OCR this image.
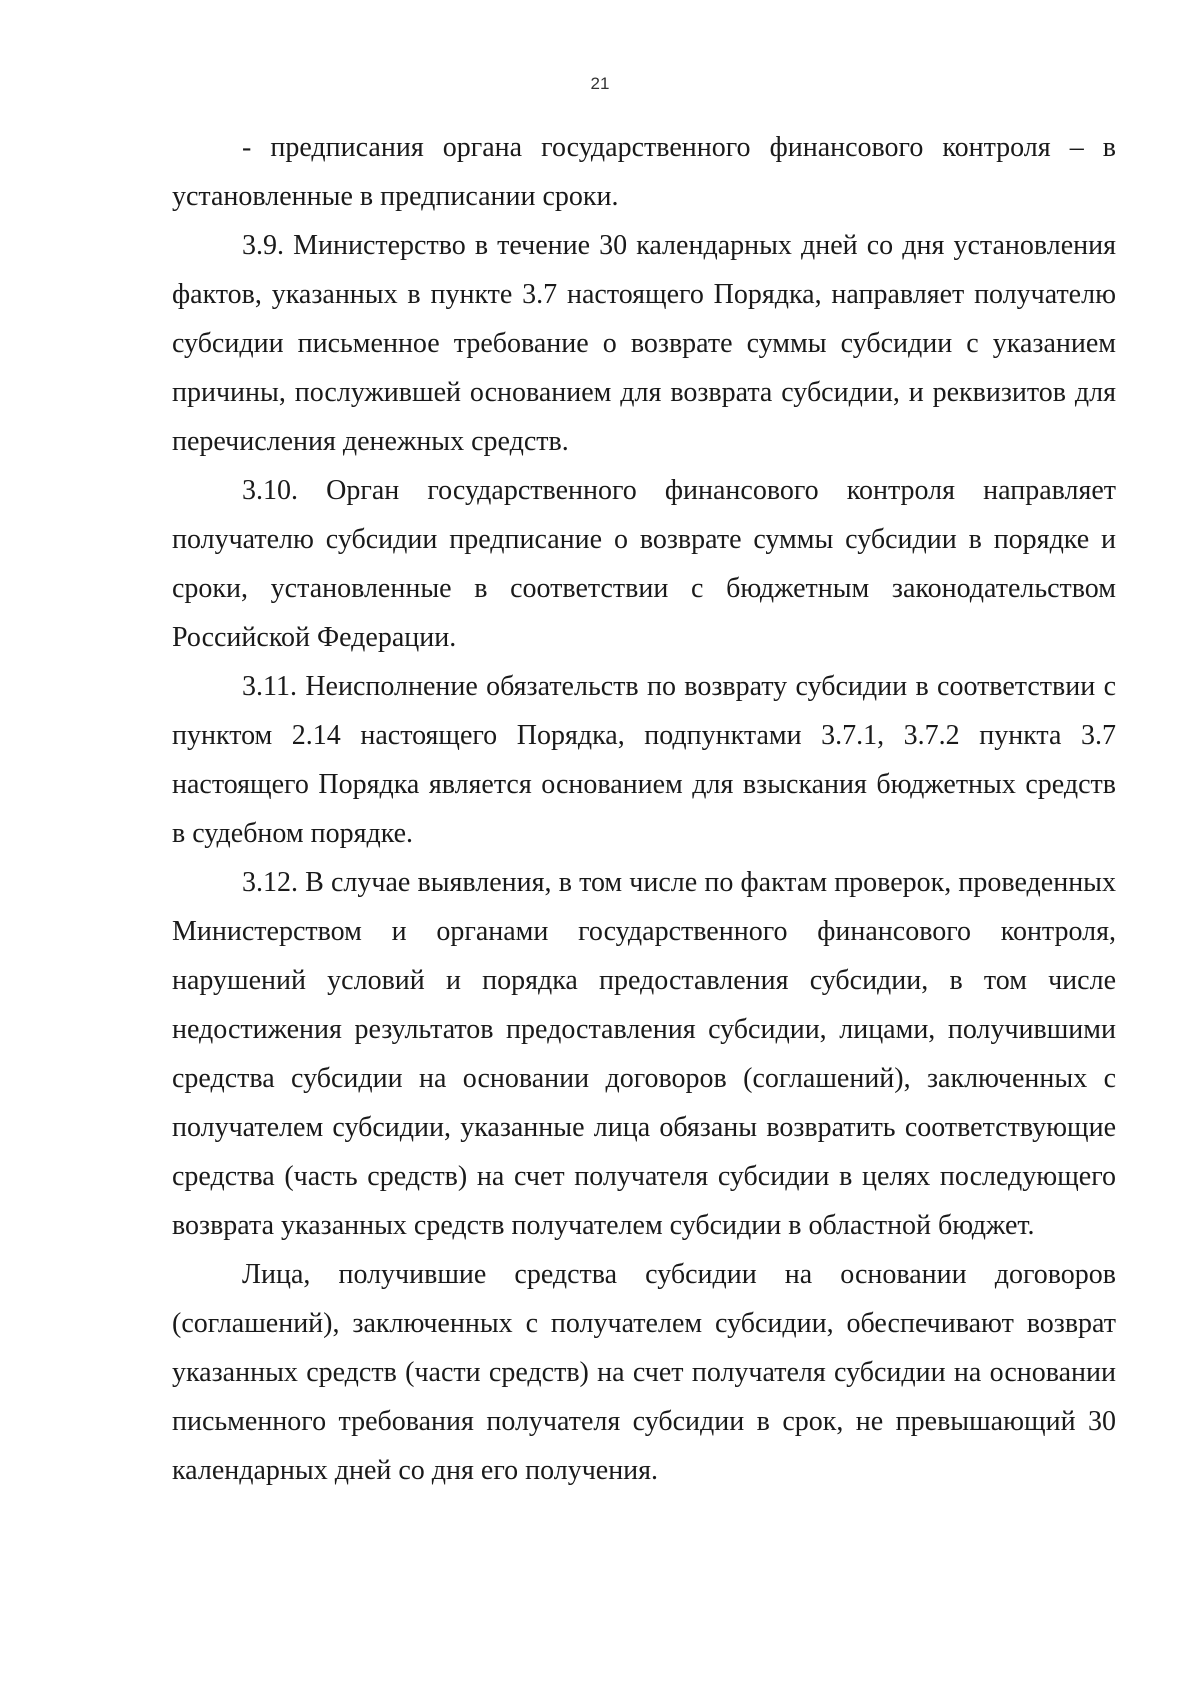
21

- предписания органа государственного финансового контроля – в установленные в предписании сроки.

3.9. Министерство в течение 30 календарных дней со дня установления фактов, указанных в пункте 3.7 настоящего Порядка, направляет получателю субсидии письменное требование о возврате суммы субсидии с указанием причины, послужившей основанием для возврата субсидии, и реквизитов для перечисления денежных средств.

3.10. Орган государственного финансового контроля направляет получателю субсидии предписание о возврате суммы субсидии в порядке и сроки, установленные в соответствии с бюджетным законодательством Российской Федерации.

3.11. Неисполнение обязательств по возврату субсидии в соответствии с пунктом 2.14 настоящего Порядка, подпунктами 3.7.1, 3.7.2 пункта 3.7 настоящего Порядка является основанием для взыскания бюджетных средств в судебном порядке.

3.12. В случае выявления, в том числе по фактам проверок, проведенных Министерством и органами государственного финансового контроля, нарушений условий и порядка предоставления субсидии, в том числе недостижения результатов предоставления субсидии, лицами, получившими средства субсидии на основании договоров (соглашений), заключенных с получателем субсидии, указанные лица обязаны возвратить соответствующие средства (часть средств) на счет получателя субсидии в целях последующего возврата указанных средств получателем субсидии в областной бюджет.

Лица, получившие средства субсидии на основании договоров (соглашений), заключенных с получателем субсидии, обеспечивают возврат указанных средств (части средств) на счет получателя субсидии на основании письменного требования получателя субсидии в срок, не превышающий 30 календарных дней со дня его получения.
